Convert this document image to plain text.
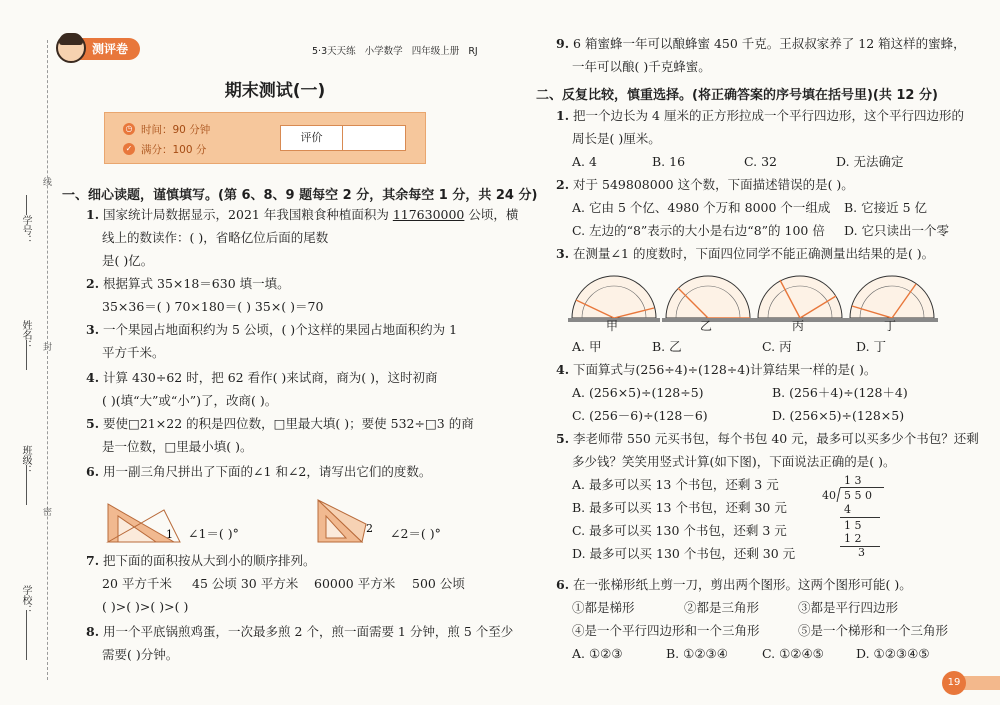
学号：
姓名：
班级：
学校：
线
封
密
测评卷	5·3天天练 小学数学 四年级上册 RJ
期末测试(一)
◷ 时间：90 分钟
✓ 满分：100 分
评价
一、细心读题，谨慎填写。(第 6、8、9 题每空 2 分，其余每空 1 分，共 24 分)
1. 国家统计局数据显示，2021 年我国粮食种植面积为 117630000 公顷，横
线上的数读作：( )，省略亿位后面的尾数
是( )亿。
2. 根据算式 35×18＝630 填一填。
35×36＝( ) 70×180＝( ) 35×( )＝70
3. 一个果园占地面积约为 5 公顷，( )个这样的果园占地面积约为 1
平方千米。
4. 计算 430÷62 时，把 62 看作( )来试商，商为( )，这时初商
( )(填“大”或“小”)了，改商( )。
5. 要使□21×22 的积是四位数，□里最大填( )；要使 532÷□3 的商
是一位数，□里最小填( )。
6. 用一副三角尺拼出了下面的∠1 和∠2，请写出它们的度数。
1 ∠1＝( )°	2 ∠2＝( )°
7. 把下面的面积按从大到小的顺序排列。
20 平方千米 45 公顷 30 平方米 60000 平方米 500 公顷
( )>( )>( )>( )
8. 用一个平底锅煎鸡蛋，一次最多煎 2 个，煎一面需要 1 分钟，煎 5 个至少
需要( )分钟。
9. 6 箱蜜蜂一年可以酿蜂蜜 450 千克。王叔叔家养了 12 箱这样的蜜蜂，
一年可以酿( )千克蜂蜜。
二、反复比较，慎重选择。(将正确答案的序号填在括号里)(共 12 分)
1. 把一个边长为 4 厘米的正方形拉成一个平行四边形，这个平行四边形的
周长是( )厘米。
A. 4	B. 16	C. 32	D. 无法确定
2. 对于 549808000 这个数，下面描述错误的是( )。
A. 它由 5 个亿、4980 个万和 8000 个一组成 B. 它接近 5 亿
C. 左边的“8”表示的大小是右边“8”的 100 倍 D. 它只读出一个零
3. 在测量∠1 的度数时，下面四位同学不能正确测量出结果的是( )。
甲	乙	丙	丁
A. 甲	B. 乙	C. 丙	D. 丁
4. 下面算式与(256÷4)÷(128÷4)计算结果一样的是( )。
A. (256×5)÷(128÷5)	B. (256＋4)÷(128＋4)
C. (256－6)÷(128－6)	D. (256×5)÷(128×5)
5. 李老师带 550 元买书包，每个书包 40 元，最多可以买多少个书包？还剩
多少钱？笑笑用竖式计算(如下图)，下面说法正确的是( )。
A. 最多可以买 13 个书包，还剩 3 元
B. 最多可以买 13 个书包，还剩 30 元
C. 最多可以买 130 个书包，还剩 3 元
D. 最多可以买 130 个书包，还剩 30 元
1 3
40 5 5 0
4
1 5
1 2
3
6. 在一张梯形纸上剪一刀，剪出两个图形。这两个图形可能( )。
①都是梯形	②都是三角形	③都是平行四边形
④是一个平行四边形和一个三角形	⑤是一个梯形和一个三角形
A. ①②③	B. ①②③④	C. ①②④⑤	D. ①②③④⑤
19
